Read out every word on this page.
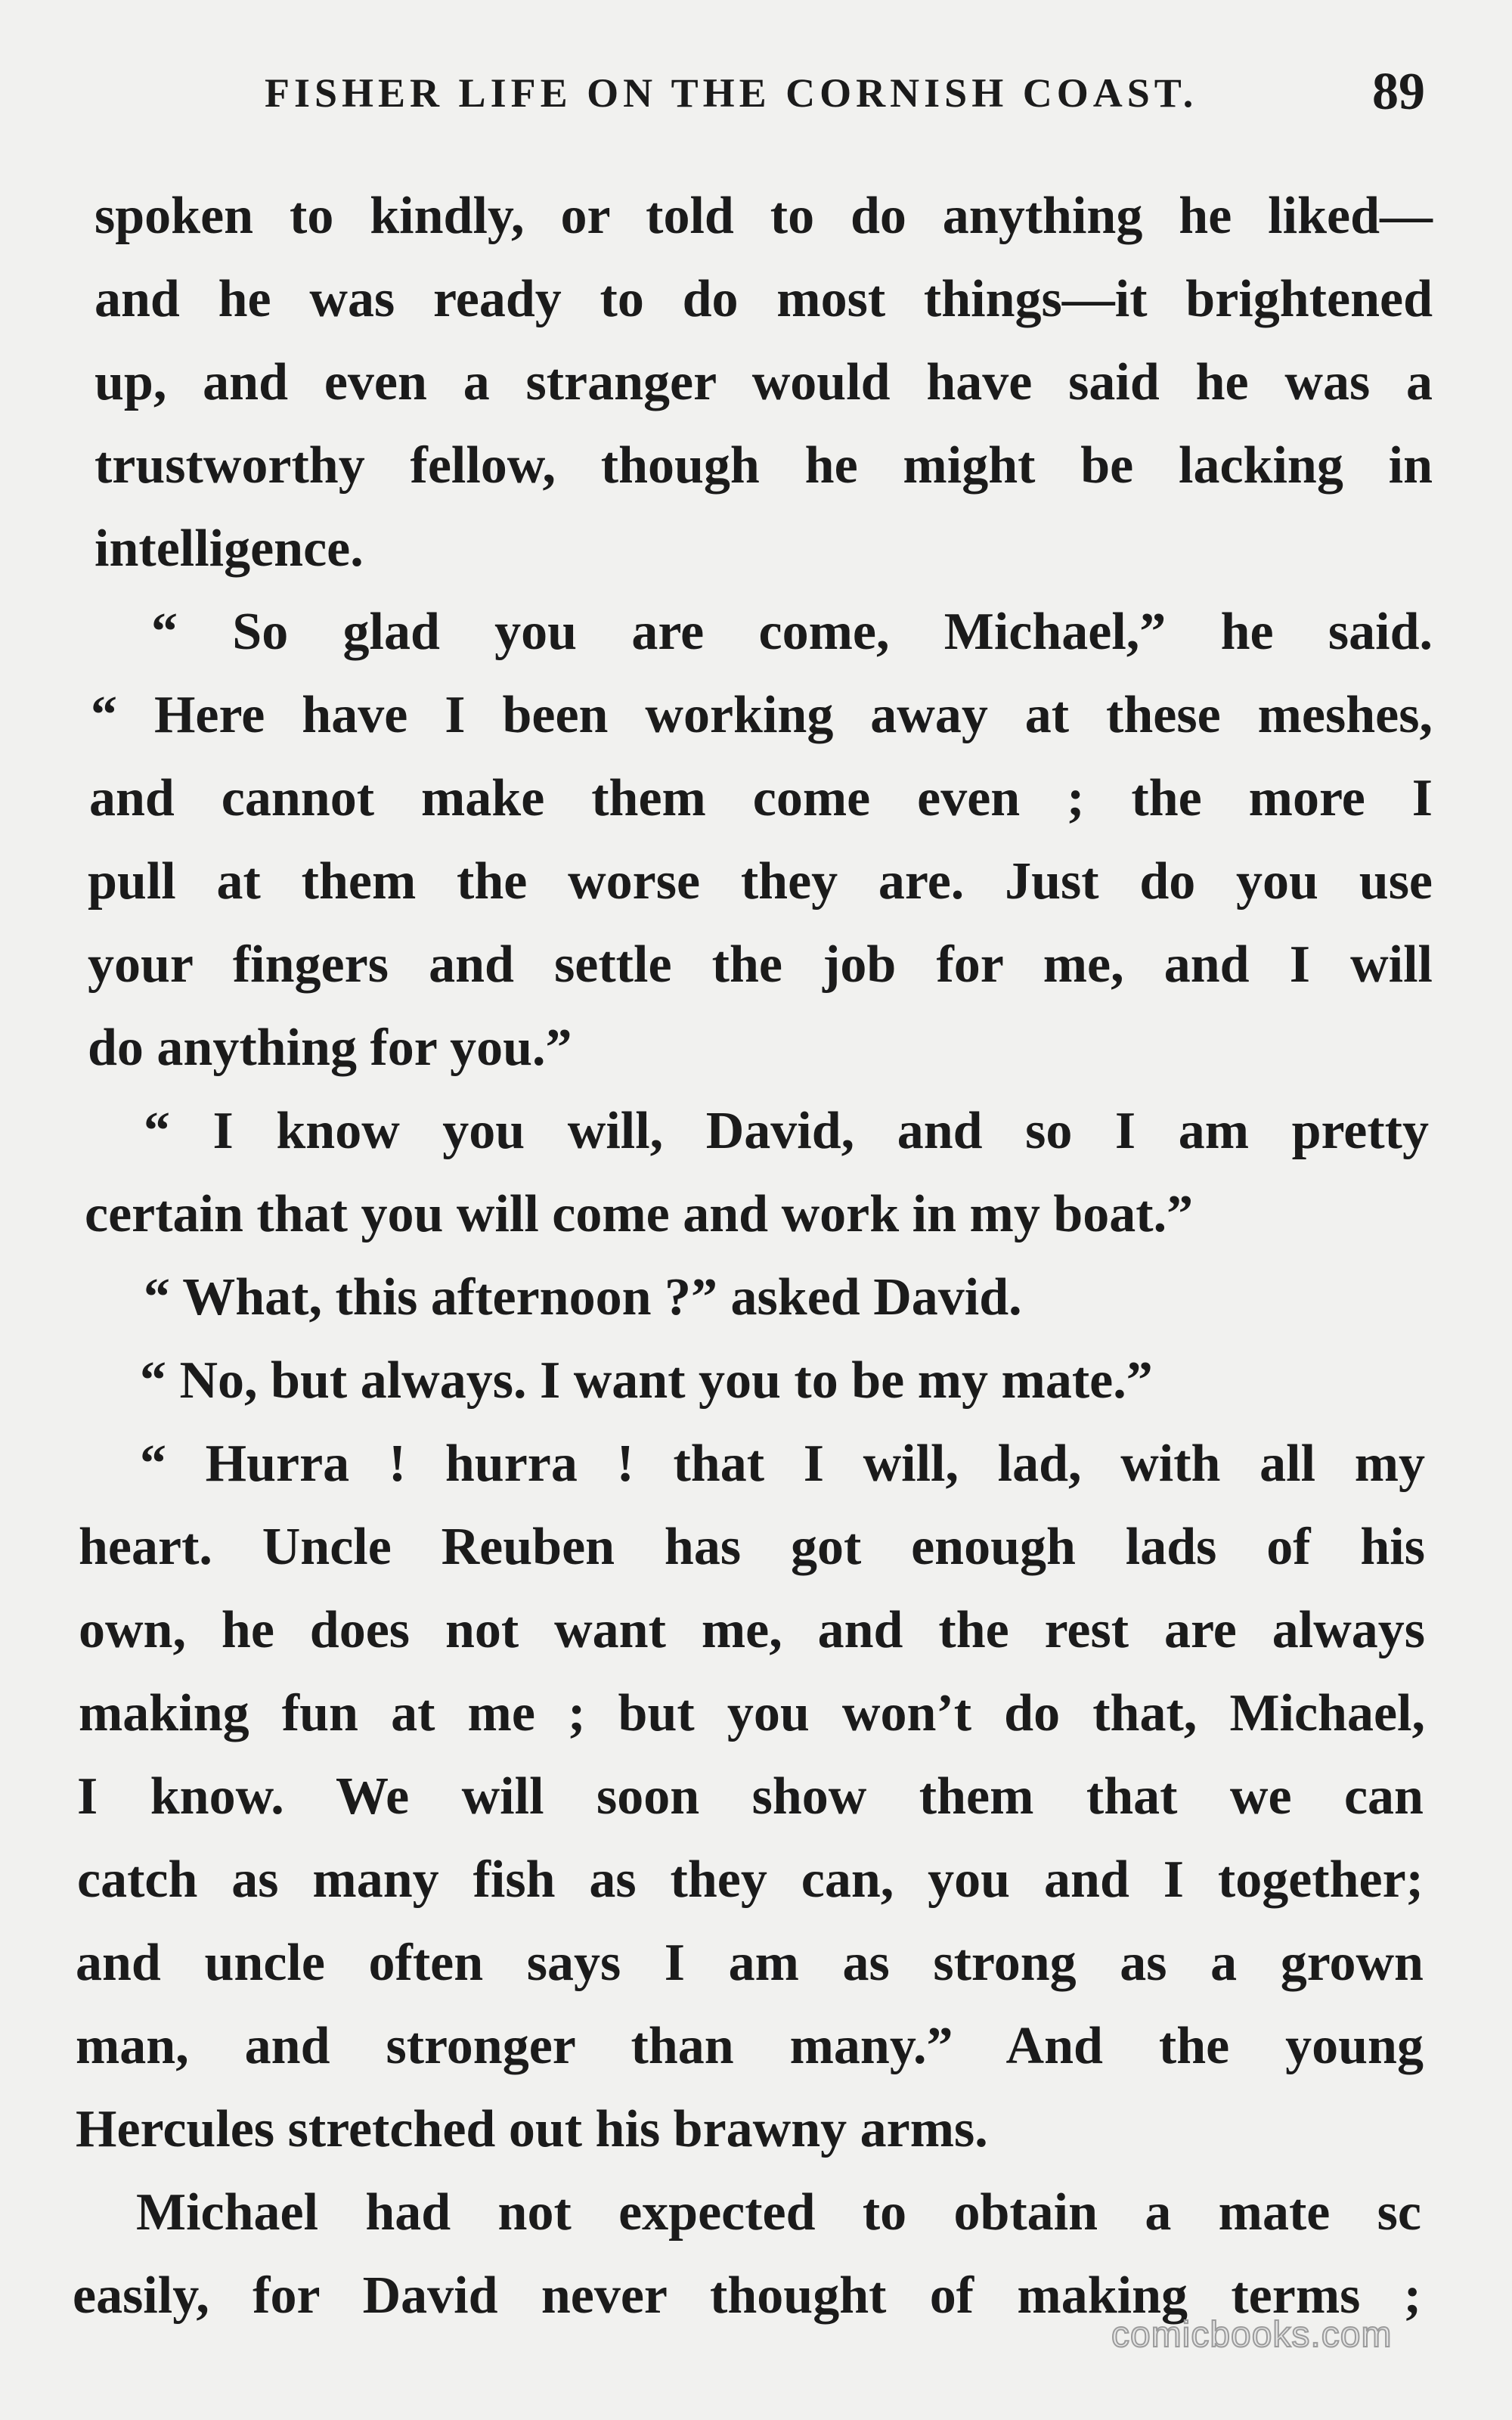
FISHER LIFE ON THE CORNISH COAST.	89
spoken to kindly, or told to do anything he liked—
and he was ready to do most things—it brightened
up, and even a stranger would have said he was a
trustworthy fellow, though he might be lacking in
intelligence.
“ So glad you are come, Michael,” he said.
“ Here have I been working away at these meshes,
and cannot make them come even ; the more I
pull at them the worse they are. Just do you use
your fingers and settle the job for me, and I will
do anything for you.”
“ I know you will, David, and so I am pretty
certain that you will come and work in my boat.”
“ What, this afternoon ?” asked David.
“ No, but always. I want you to be my mate.”
“ Hurra ! hurra ! that I will, lad, with all my
heart. Uncle Reuben has got enough lads of his
own, he does not want me, and the rest are always
making fun at me ; but you won’t do that, Michael,
I know. We will soon show them that we can
catch as many fish as they can, you and I together;
and uncle often says I am as strong as a grown
man, and stronger than many.” And the young
Hercules stretched out his brawny arms.
Michael had not expected to obtain a mate sc
easily, for David never thought of making terms ;
comicbooks.com
